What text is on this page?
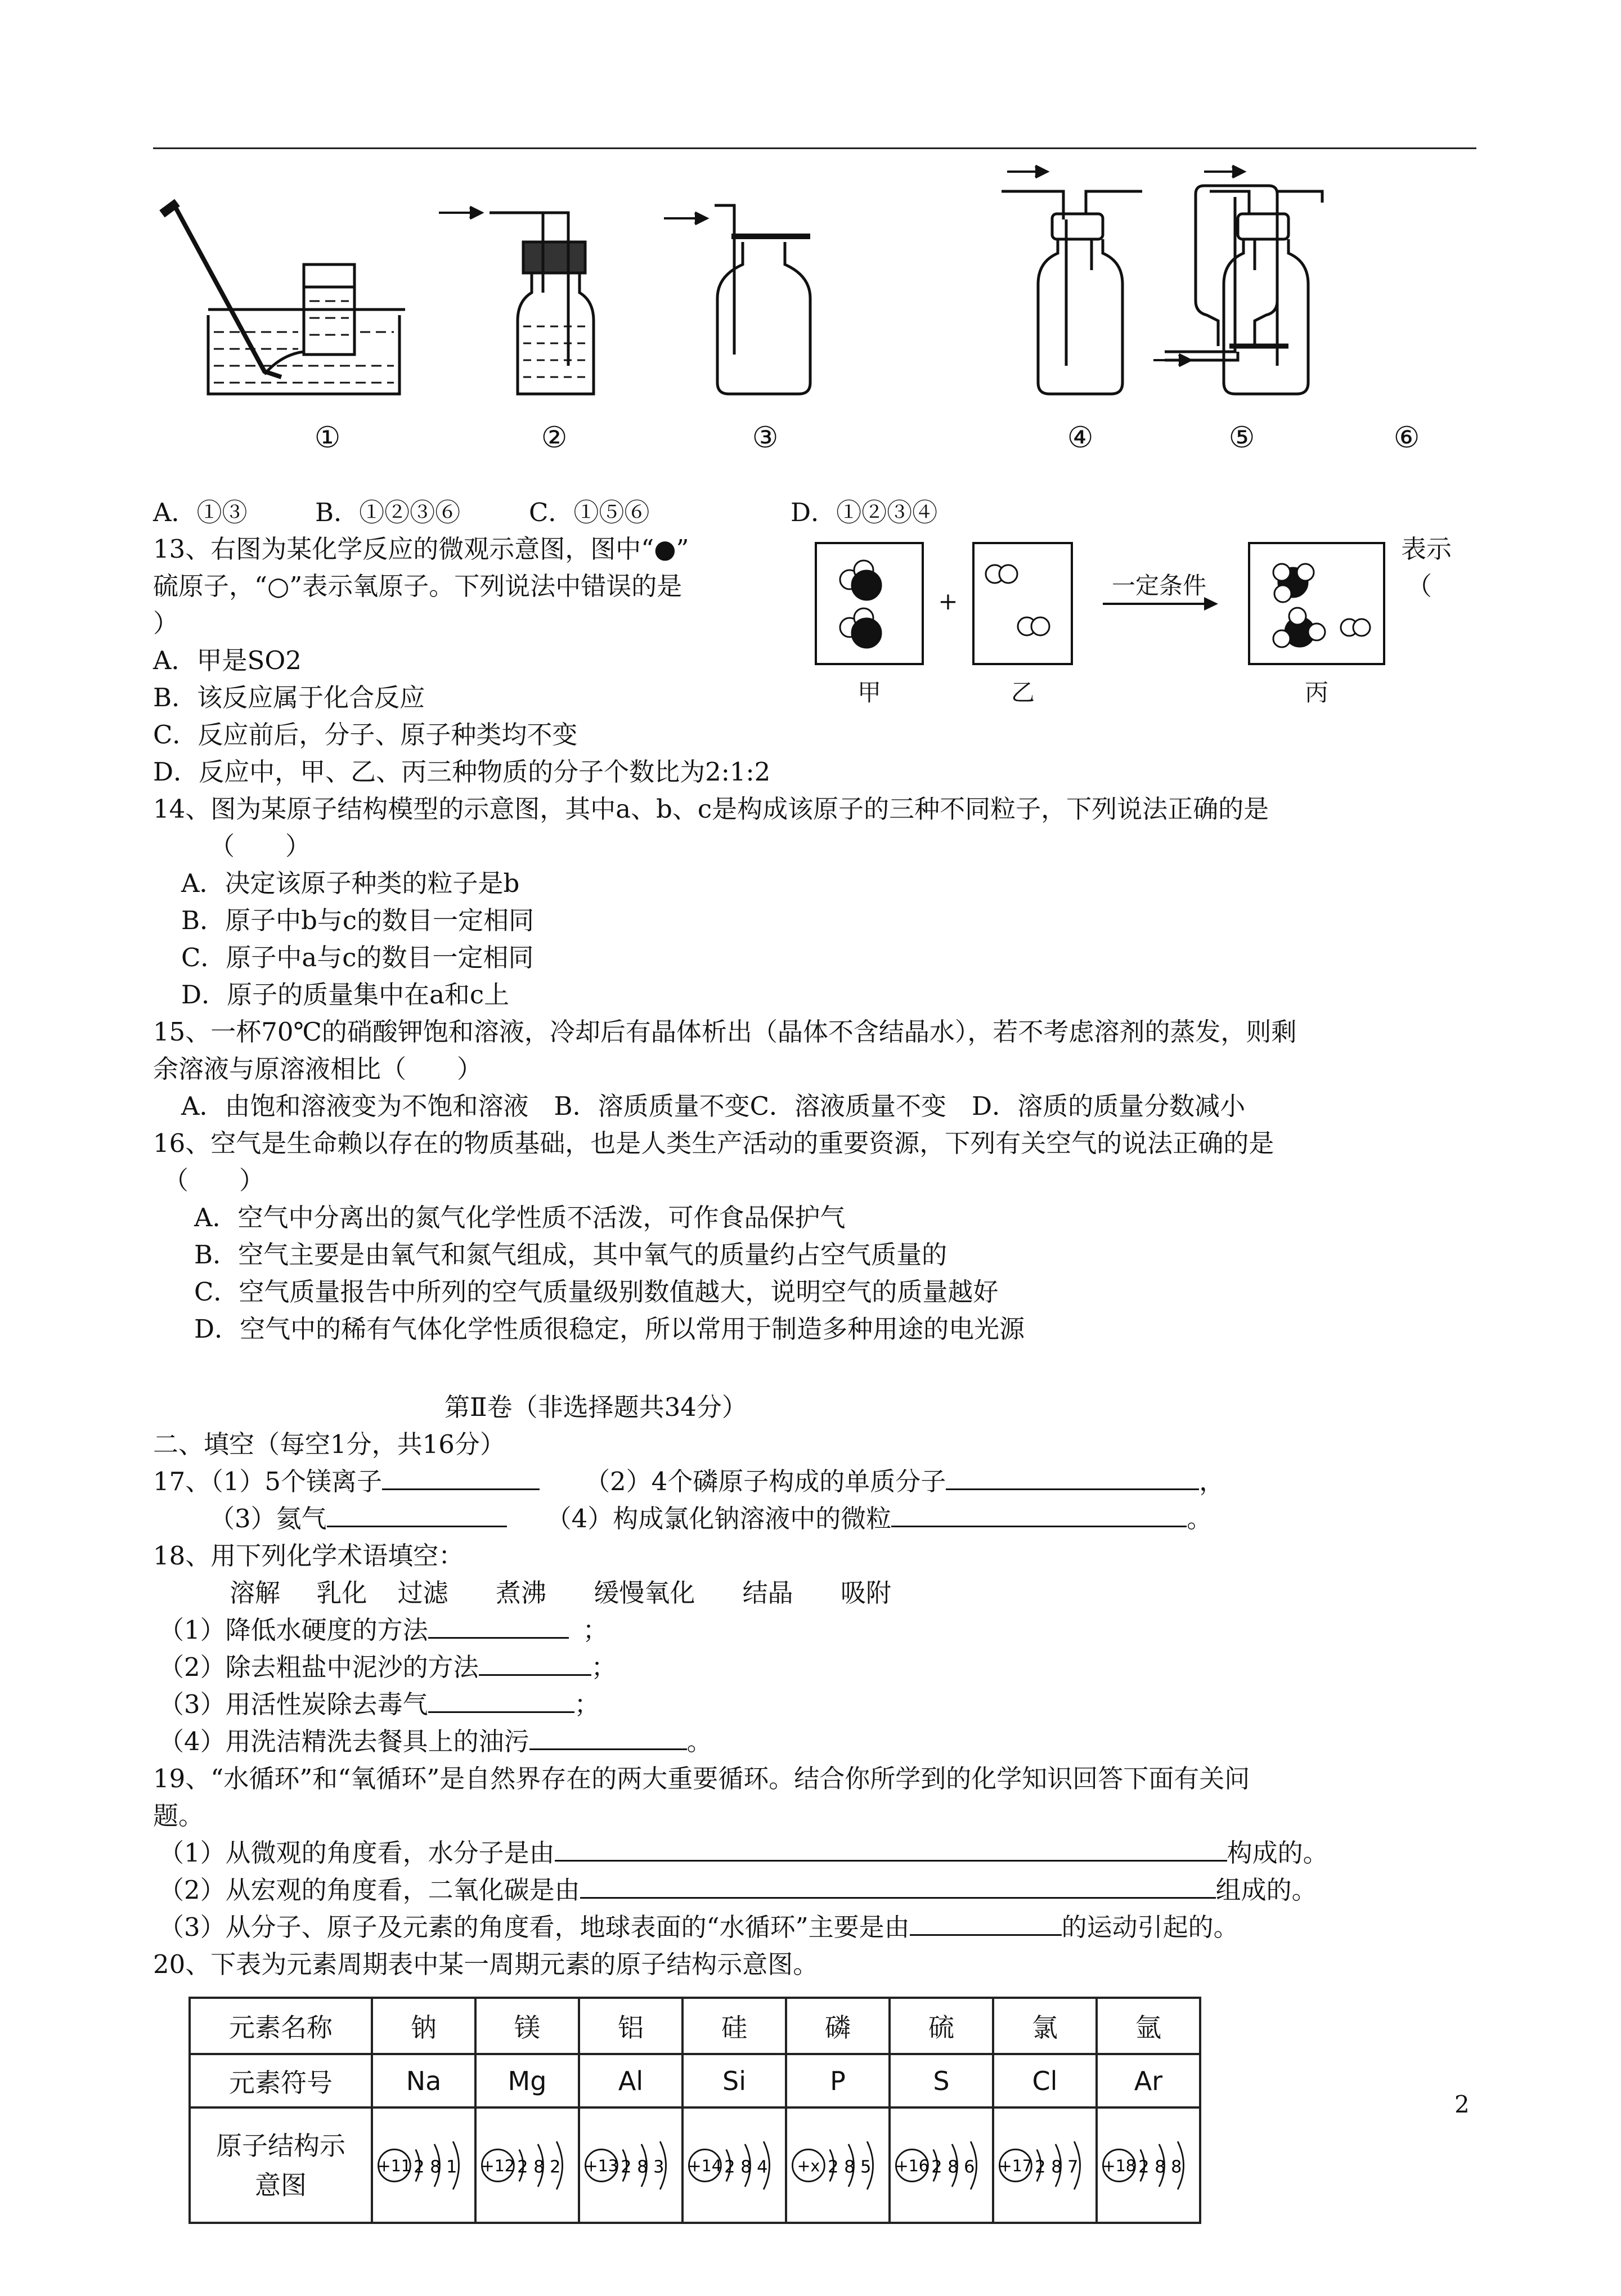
①	②	③	④	⑤	⑥
A．①③	B．①②③⑥	C．①⑤⑥	D．①②③④
13、右图为某化学反应的微观示意图，图中“●”	表示
硫原子，“○”表示氧原子。下列说法中错误的是	（
）
A．甲是SO2
B．该反应属于化合反应
C．反应前后，分子、原子种类均不变
D．反应中，甲、乙、丙三种物质的分子个数比为2:1:2
+
一定条件
甲	乙	丙
14、图为某原子结构模型的示意图，其中a、b、c是构成该原子的三种不同粒子，下列说法正确的是
（　　）
A．决定该原子种类的粒子是b
B．原子中b与c的数目一定相同
C．原子中a与c的数目一定相同
D．原子的质量集中在a和c上
15、一杯70℃的硝酸钾饱和溶液，冷却后有晶体析出（晶体不含结晶水），若不考虑溶剂的蒸发，则剩
余溶液与原溶液相比（　　）
A．由饱和溶液变为不饱和溶液　B．溶质质量不变C．溶液质量不变　D．溶质的质量分数减小
16、空气是生命赖以存在的物质基础，也是人类生产活动的重要资源，下列有关空气的说法正确的是
（　　）
A．空气中分离出的氮气化学性质不活泼，可作食品保护气
B．空气主要是由氧气和氮气组成，其中氧气的质量约占空气质量的
C．空气质量报告中所列的空气质量级别数值越大，说明空气的质量越好
D．空气中的稀有气体化学性质很稳定，所以常用于制造多种用途的电光源
第Ⅱ卷（非选择题共34分）
二、填空（每空1分，共16分）
17、（1）5个镁离子	（2）4个磷原子构成的单质分子	，
（3）氦气	（4）构成氯化钠溶液中的微粒	。
18、用下列化学术语填空：
溶解 乳化 过滤 煮沸 缓慢氧化 结晶 吸附
（1）降低水硬度的方法	；
（2）除去粗盐中泥沙的方法	；
（3）用活性炭除去毒气	；
（4）用洗洁精洗去餐具上的油污	。
19、“水循环”和“氧循环”是自然界存在的两大重要循环。结合你所学到的化学知识回答下面有关问
题。
（1）从微观的角度看，水分子是由	构成的。
（2）从宏观的角度看，二氧化碳是由	组成的。
（3）从分子、原子及元素的角度看，地球表面的“水循环”主要是由	的运动引起的。
20、下表为元素周期表中某一周期元素的原子结构示意图。
元素名称	钠	镁	铝	硅	磷	硫	氯	氩
元素符号	Na	Mg	Al	Si	P	S	Cl	Ar
原子结构示意图	+11 2 8 1	+12 2 8 2	+13 2 8 3	+14 2 8 4	+x 2 8 5	+16 2 8 6	+17 2 8 7	+18 2 8 8
2
